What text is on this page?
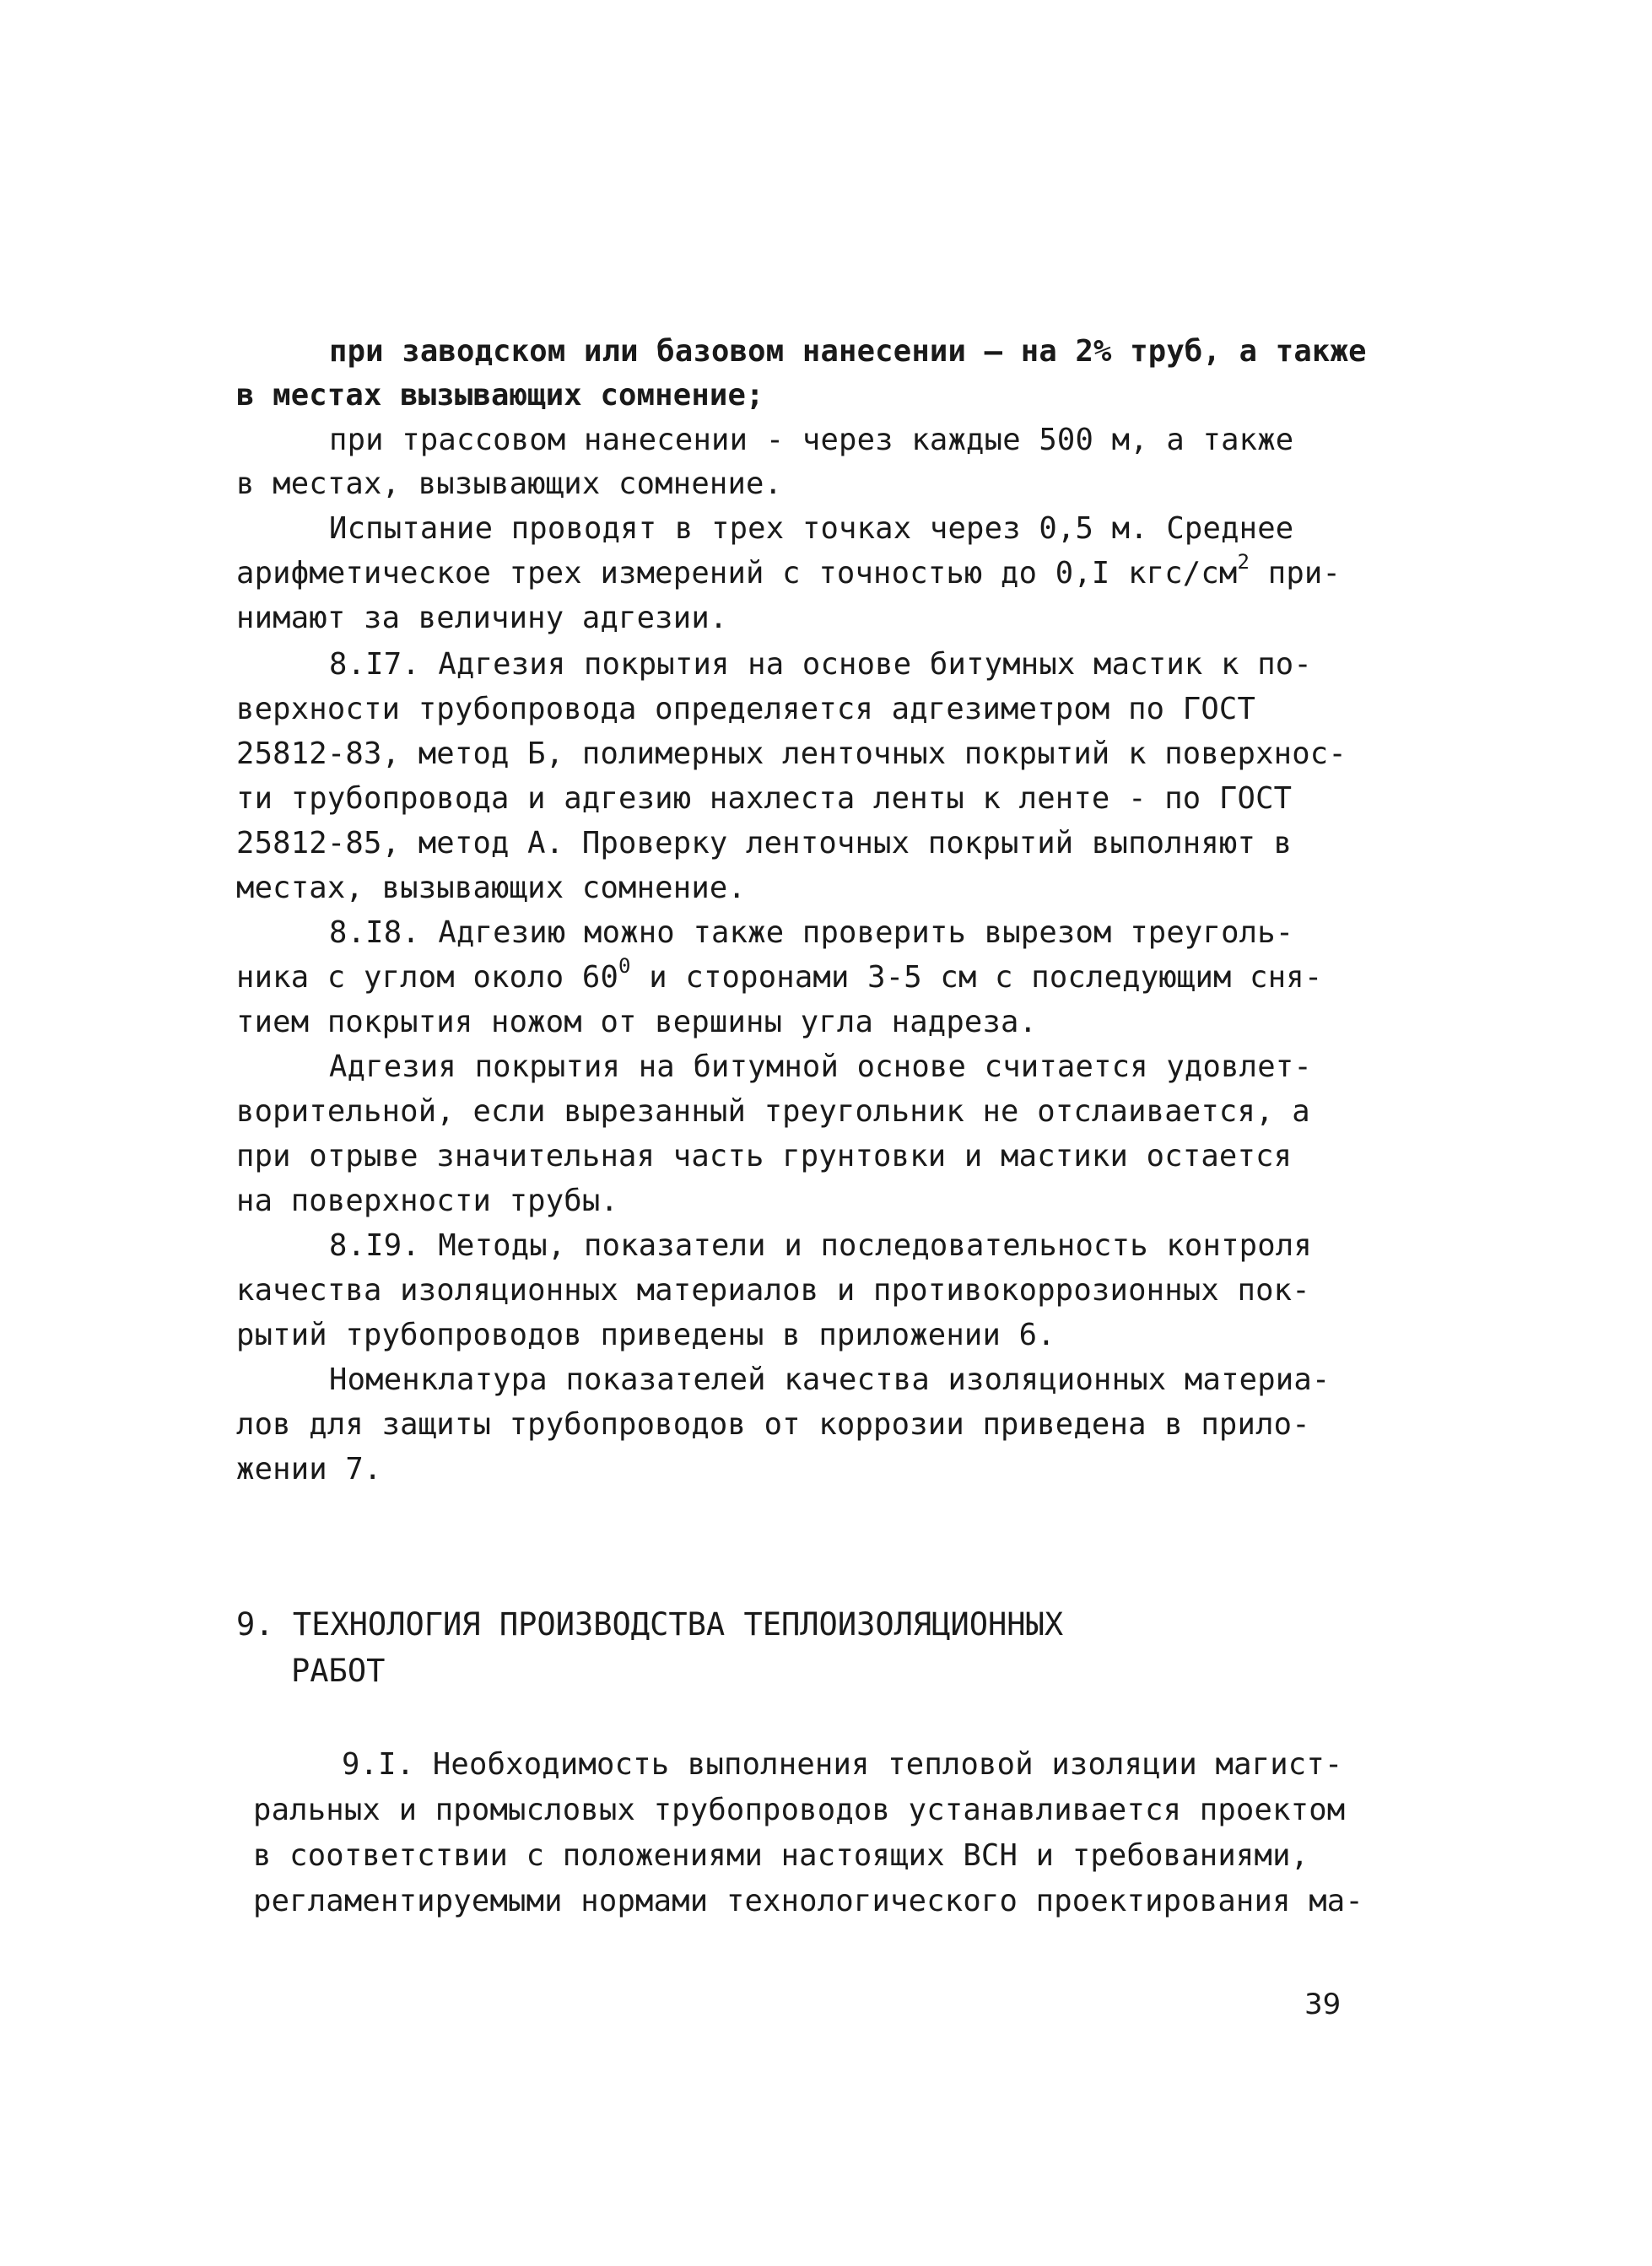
при заводском или базовом нанесении – на 2% труб, а также
в местах вызывающих сомнение;
при трассовом нанесении - через каждые 500 м, а также
в местах, вызывающих сомнение.
Испытание проводят в трех точках через 0,5 м. Среднее
арифметическое трех измерений с точностью до 0,I кгс/$см^2$ при-
нимают за величину адгезии.
8.I7. Адгезия покрытия на основе битумных мастик к по-
верхности трубопровода определяется адгезиметром по ГОСТ
25812-83, метод Б, полимерных ленточных покрытий к поверхнос-
ти трубопровода и адгезию нахлеста ленты к ленте - по ГОСТ
25812-85, метод А. Проверку ленточных покрытий выполняют в
местах, вызывающих сомнение.
8.I8. Адгезию можно также проверить вырезом треуголь-
ника с углом около $60^0$ и сторонами 3-5 см с последующим сня-
тием покрытия ножом от вершины угла надреза.
Адгезия покрытия на битумной основе считается удовлет-
ворительной, если вырезанный треугольник не отслаивается, а
при отрыве значительная часть грунтовки и мастики остается
на поверхности трубы.
8.I9. Методы, показатели и последовательность контроля
качества изоляционных материалов и противокоррозионных пок-
рытий трубопроводов приведены в приложении 6.
Номенклатура показателей качества изоляционных материа-
лов для защиты трубопроводов от коррозии приведена в прило-
жении 7.
9. ТЕХНОЛОГИЯ ПРОИЗВОДСТВА ТЕПЛОИЗОЛЯЦИОННЫХ
РАБОТ
9.I. Необходимость выполнения тепловой изоляции магист-
ральных и промысловых трубопроводов устанавливается проектом
в соответствии с положениями настоящих ВСН и требованиями,
регламентируемыми нормами технологического проектирования ма-
39
